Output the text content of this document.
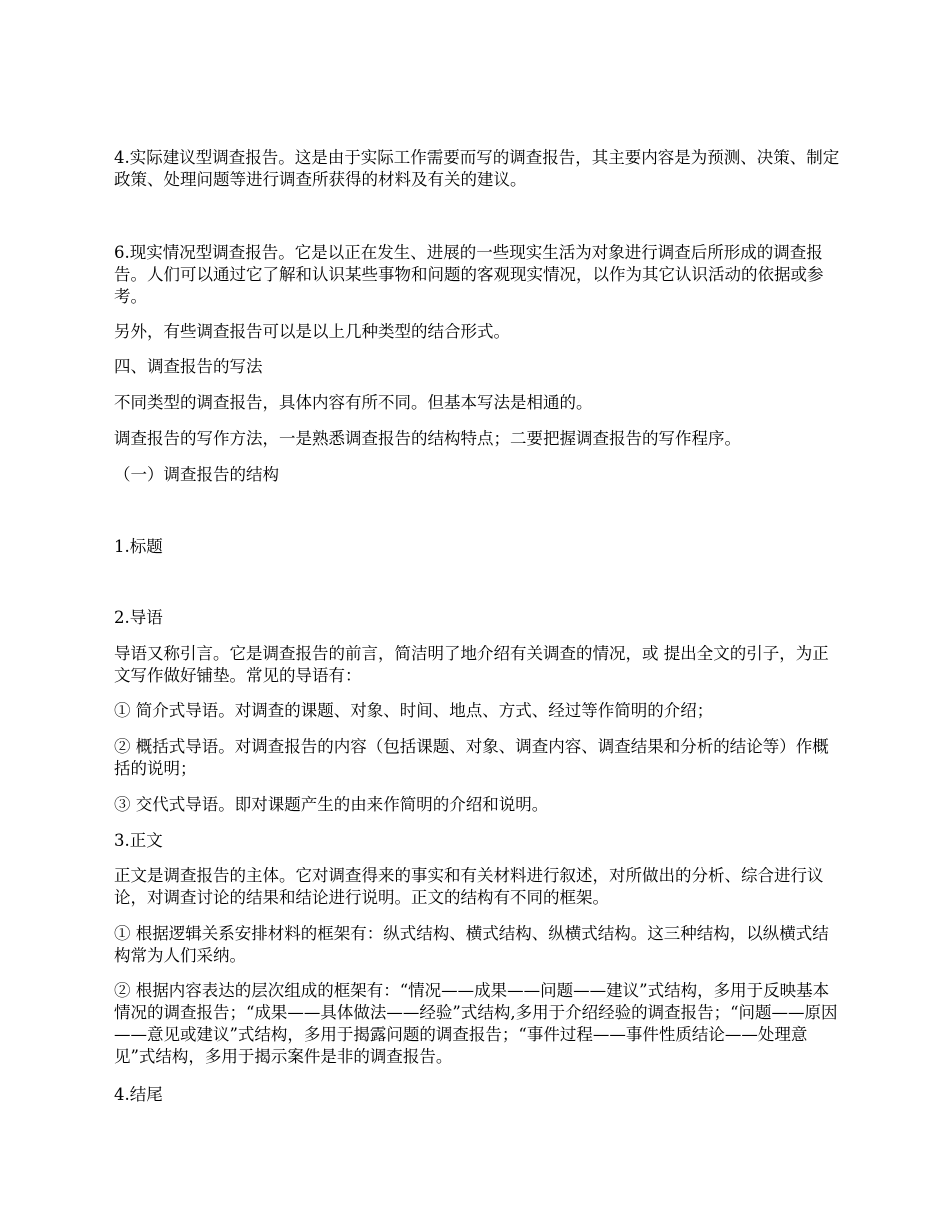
4.实际建议型调查报告。这是由于实际工作需要而写的调查报告，其主要内容是为预测、决策、制定政策、处理问题等进行调查所获得的材料及有关的建议。

6.现实情况型调查报告。它是以正在发生、进展的一些现实生活为对象进行调查后所形成的调查报告。人们可以通过它了解和认识某些事物和问题的客观现实情况，以作为其它认识活动的依据或参考。

另外，有些调查报告可以是以上几种类型的结合形式。

四、调查报告的写法

不同类型的调查报告，具体内容有所不同。但基本写法是相通的。

调查报告的写作方法，一是熟悉调查报告的结构特点；二要把握调查报告的写作程序。

（一）调查报告的结构

1.标题

2.导语

导语又称引言。它是调查报告的前言，简洁明了地介绍有关调查的情况，或 提出全文的引子，为正文写作做好铺垫。常见的导语有：

① 简介式导语。对调查的课题、对象、时间、地点、方式、经过等作简明的介绍；

② 概括式导语。对调查报告的内容（包括课题、对象、调查内容、调查结果和分析的结论等）作概括的说明；

③ 交代式导语。即对课题产生的由来作简明的介绍和说明。

3.正文

正文是调查报告的主体。它对调查得来的事实和有关材料进行叙述，对所做出的分析、综合进行议论，对调查讨论的结果和结论进行说明。正文的结构有不同的框架。

① 根据逻辑关系安排材料的框架有：纵式结构、横式结构、纵横式结构。这三种结构，以纵横式结构常为人们采纳。

② 根据内容表达的层次组成的框架有：“情况——成果——问题——建议”式结构，多用于反映基本情况的调查报告；“成果——具体做法——经验”式结构,多用于介绍经验的调查报告；“问题——原因——意见或建议”式结构，多用于揭露问题的调查报告；“事件过程——事件性质结论——处理意见”式结构，多用于揭示案件是非的调查报告。

4.结尾
